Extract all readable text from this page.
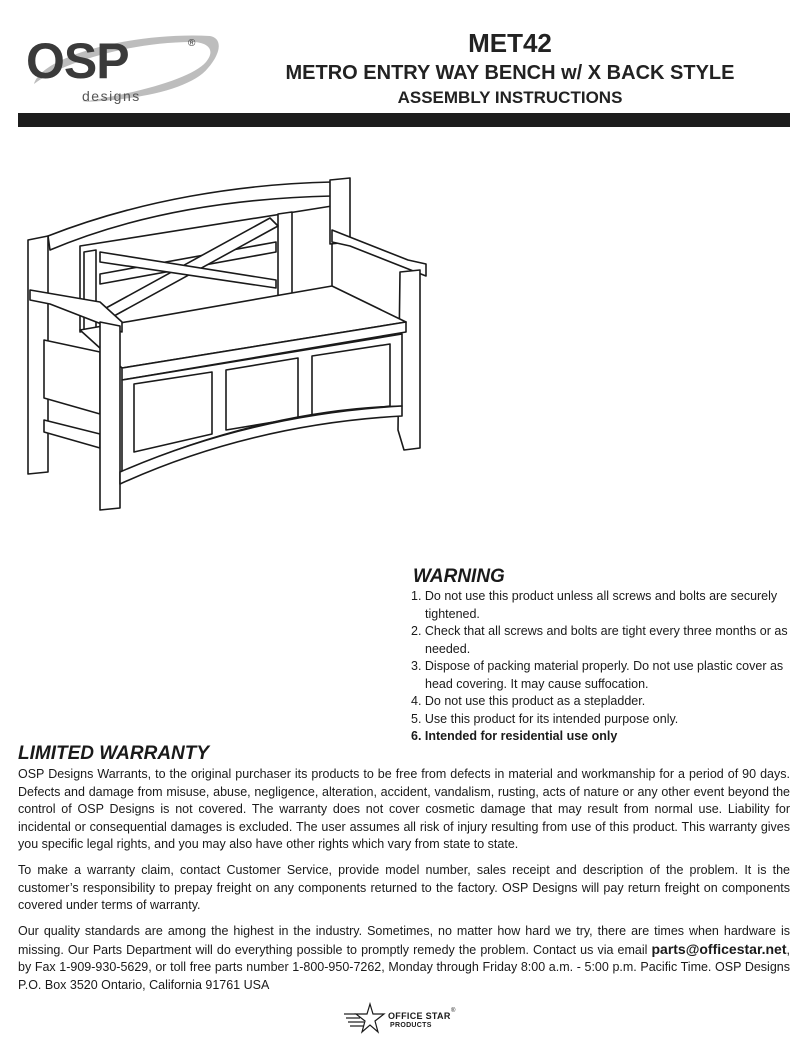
OSP	®
designs
MET42
METRO ENTRY WAY BENCH w/ X BACK STYLE
ASSEMBLY INSTRUCTIONS
WARNING
1. Do not use this product unless all screws and bolts are securely tightened.
2. Check that all screws and bolts are tight every three months or as needed.
3. Dispose of packing material properly. Do not use plastic cover as head covering. It may cause suffocation.
4. Do not use this product as a stepladder.
5. Use this product for its intended purpose only.
6. Intended for residential use only
LIMITED WARRANTY

OSP Designs Warrants, to the original purchaser its products to be free from defects in material and workmanship for a period of 90 days. Defects and damage from misuse, abuse, negligence, alteration, accident, vandalism, rusting, acts of nature or any other event beyond the control of OSP Designs is not covered. The warranty does not cover cosmetic damage that may result from normal use. Liability for incidental or consequential damages is excluded. The user assumes all risk of injury resulting from use of this product. This warranty gives you specific legal rights, and you may also have other rights which vary from state to state.

To make a warranty claim, contact Customer Service, provide model number, sales receipt and description of the problem. It is the customer’s responsibility to prepay freight on any components returned to the factory. OSP Designs will pay return freight on components covered under terms of warranty.

Our quality standards are among the highest in the industry. Sometimes, no matter how hard we try, there are times when hardware is missing. Our Parts Department will do everything possible to promptly remedy the problem. Contact us via email parts@officestar.net, by Fax 1-909-930-5629, or toll free parts number 1-800-950-7262, Monday through Friday 8:00 a.m. - 5:00 p.m. Pacific Time. OSP Designs P.O. Box 3520 Ontario, California 91761 USA

OFFICE STAR ®
PRODUCTS
